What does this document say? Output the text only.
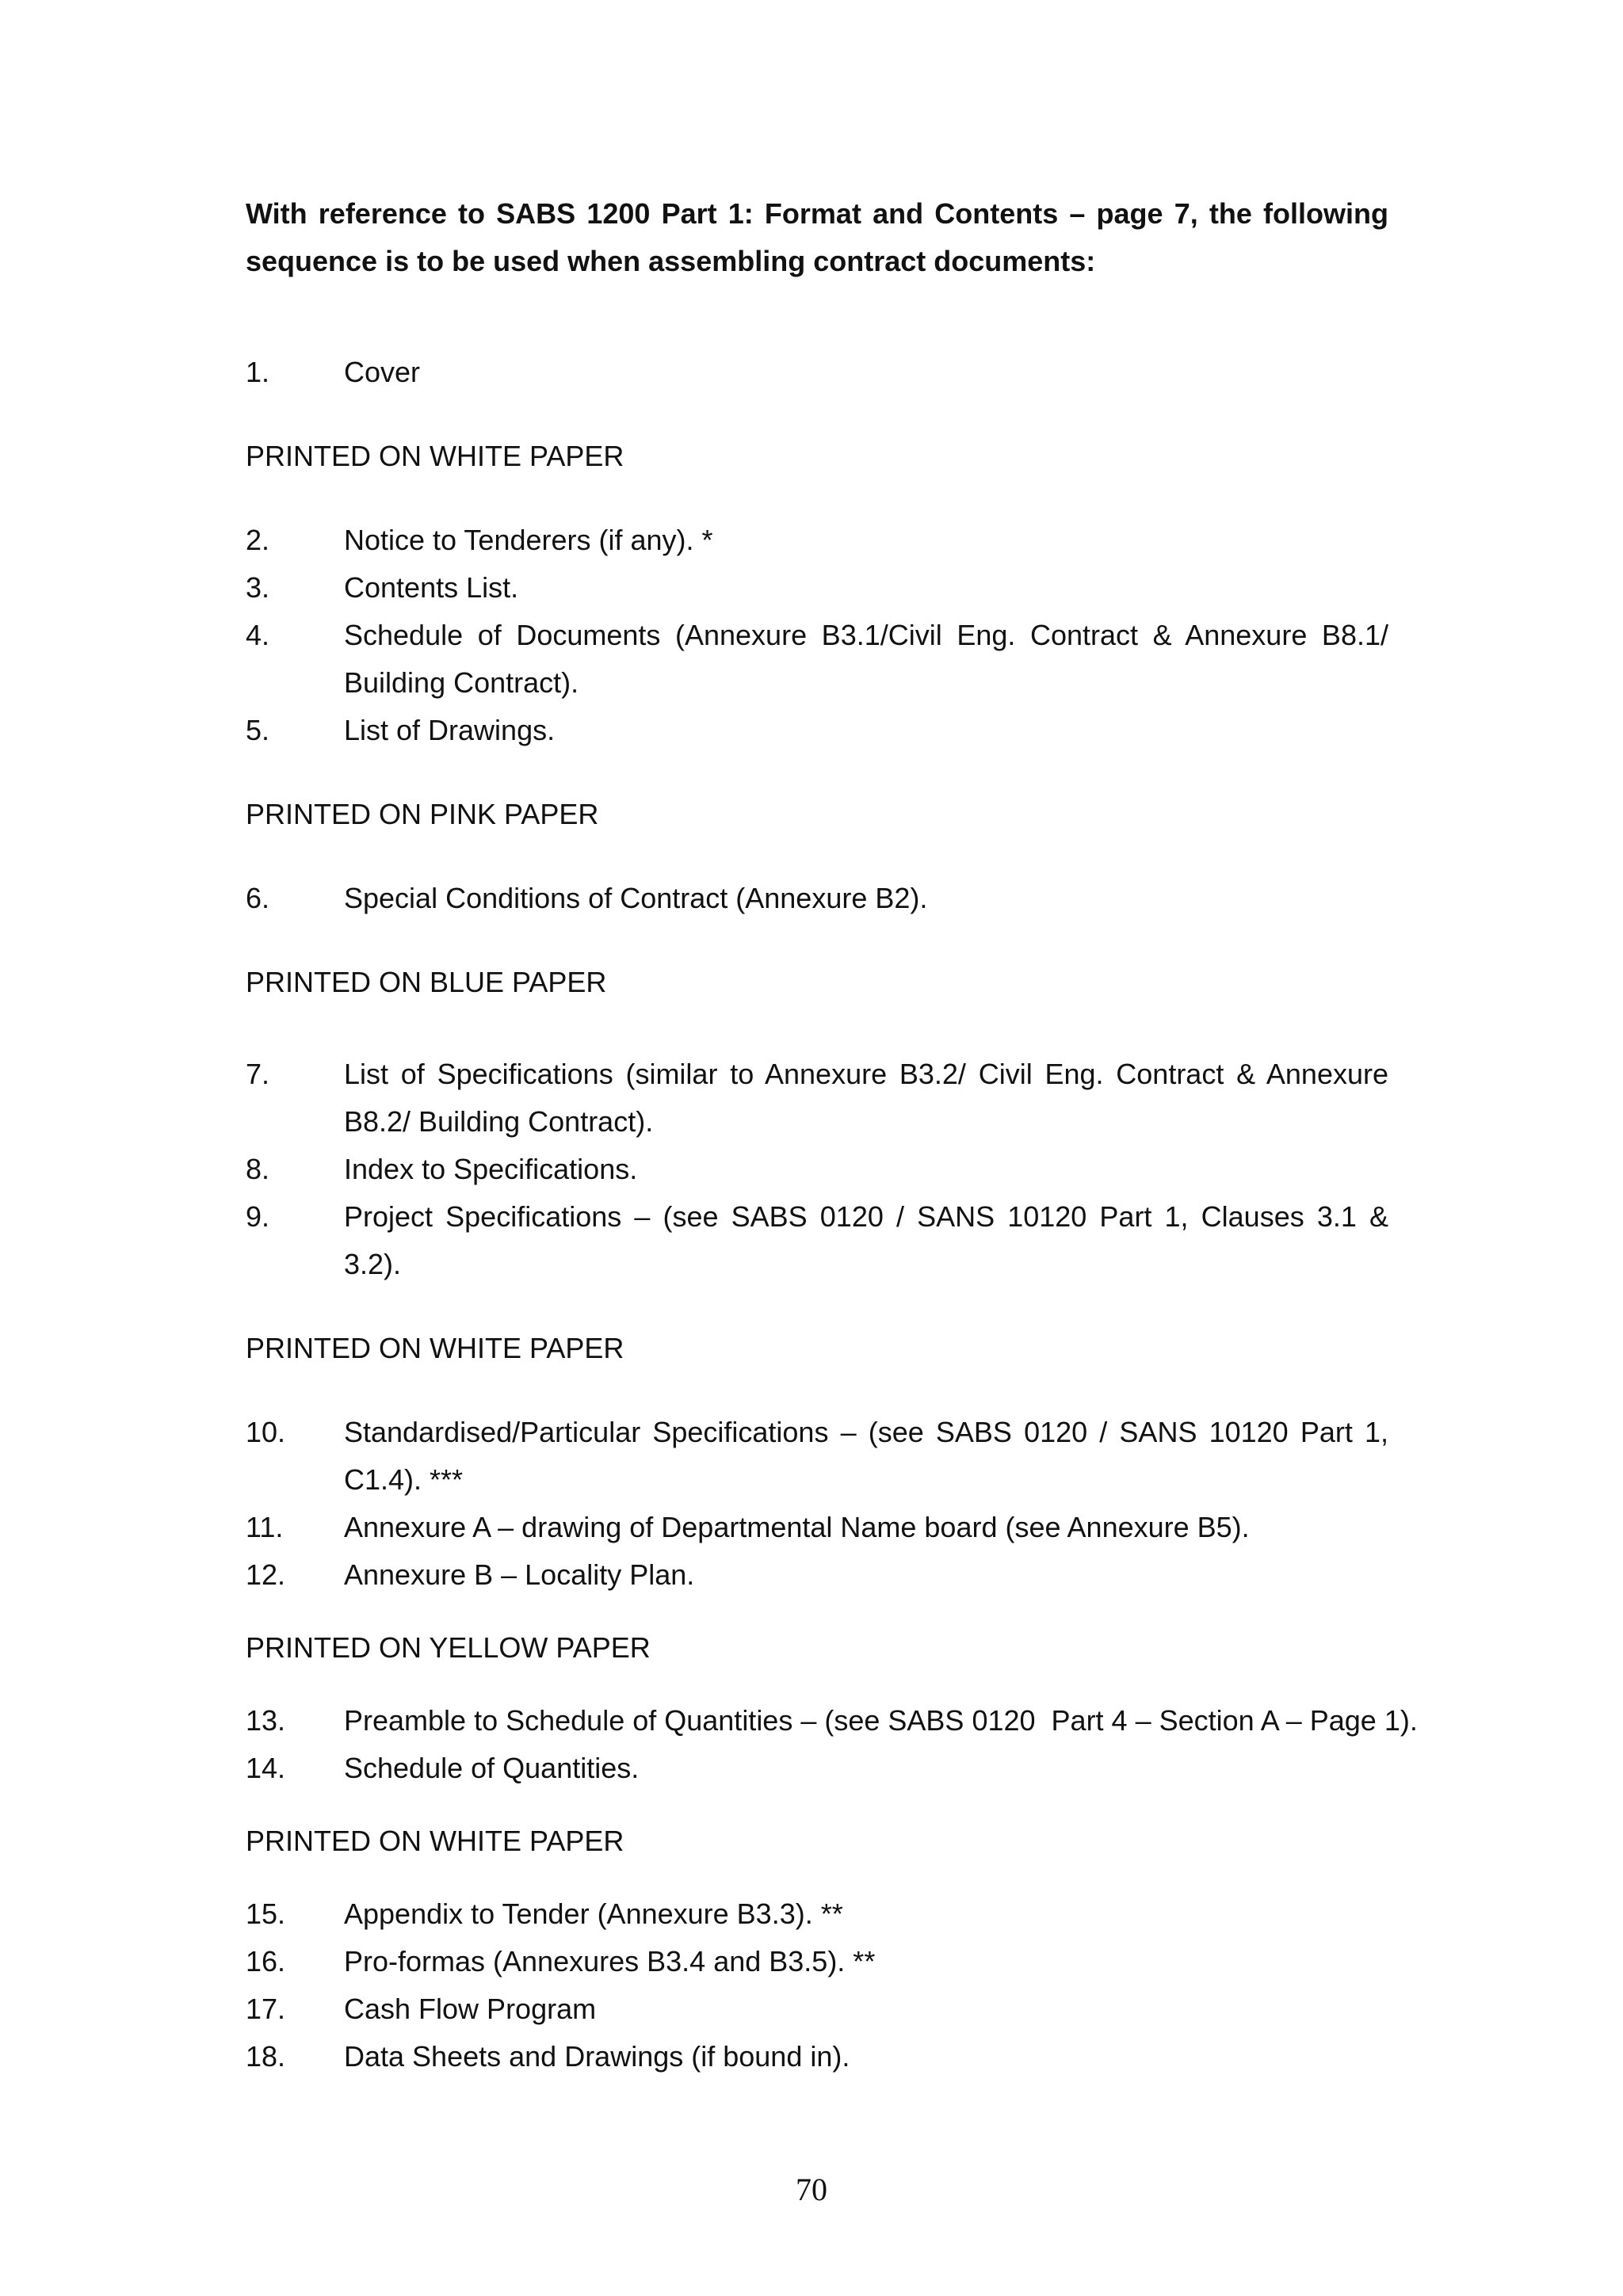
With reference to SABS 1200 Part 1: Format and Contents – page 7, the following sequence is to be used when assembling contract documents:

1.	Cover

PRINTED ON WHITE PAPER

2.	Notice to Tenderers (if any). *
3.	Contents List.
4.	Schedule of Documents (Annexure B3.1/Civil Eng. Contract & Annexure B8.1/ Building Contract).
5.	List of Drawings.

PRINTED ON PINK PAPER

6.	Special Conditions of Contract (Annexure B2).

PRINTED ON BLUE PAPER

7.	List of Specifications (similar to Annexure B3.2/ Civil Eng. Contract & Annexure B8.2/ Building Contract).
8.	Index to Specifications.
9.	Project Specifications – (see SABS 0120 / SANS 10120 Part 1, Clauses 3.1 & 3.2).

PRINTED ON WHITE PAPER

10.	Standardised/Particular Specifications – (see SABS 0120 / SANS 10120 Part 1, C1.4). ***
11.	Annexure A – drawing of Departmental Name board (see Annexure B5).
12.	Annexure B – Locality Plan.

PRINTED ON YELLOW PAPER

13.	Preamble to Schedule of Quantities – (see SABS 0120  Part 4 – Section A – Page 1).
14.	Schedule of Quantities.

PRINTED ON WHITE PAPER

15.	Appendix to Tender (Annexure B3.3). **
16.	Pro-formas (Annexures B3.4 and B3.5). **
17.	Cash Flow Program
18.	Data Sheets and Drawings (if bound in).
70
